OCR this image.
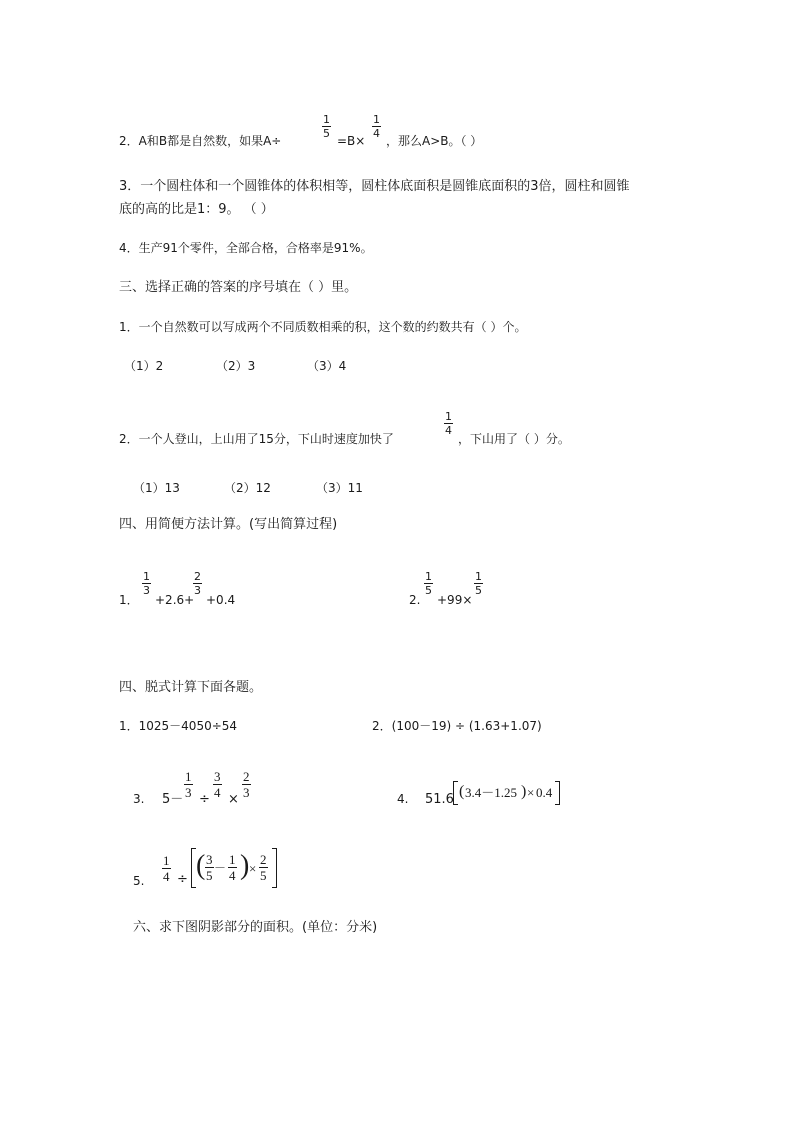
2．A和B都是自然数，如果A÷
$\frac{1}{5}$
=B×
$\frac{1}{4}$
，那么A>B。（ ）
3．一个圆柱体和一个圆锥体的体积相等，圆柱体底面积是圆锥底面积的3倍，圆柱和圆锥
底的高的比是1：9。 （ ）
4．生产91个零件，全部合格，合格率是91%。
三、选择正确的答案的序号填在（ ）里。
1．一个自然数可以写成两个不同质数相乘的积，这个数的约数共有（ ）个。
（1）2	（2）3	（3）4
2．一个人登山，上山用了15分，下山时速度加快了
$\frac{1}{4}$
，下山用了（ ）分。
（1）13	（2）12	（3）11
四、用简便方法计算。(写出简算过程)
1．
$\frac{1}{3}$
+2.6+
$\frac{2}{3}$
+0.4	2.
$\frac{1}{5}$
+99×
$\frac{1}{5}$
四、脱式计算下面各题。
1．1025－4050÷54	2．(100－19) ÷ (1.63+1.07)
3. 5－
$\frac{1}{3}$
÷
$\frac{3}{4}$
×
$\frac{2}{3}$	4. 51.6 ( 3.4－1.25 ) × 0.4
5. $\frac{1}{4}$ ÷ ( $\frac{3}{5} - \frac{1}{4}$ ) × $\frac{2}{5}$
六、求下图阴影部分的面积。(单位：分米)
